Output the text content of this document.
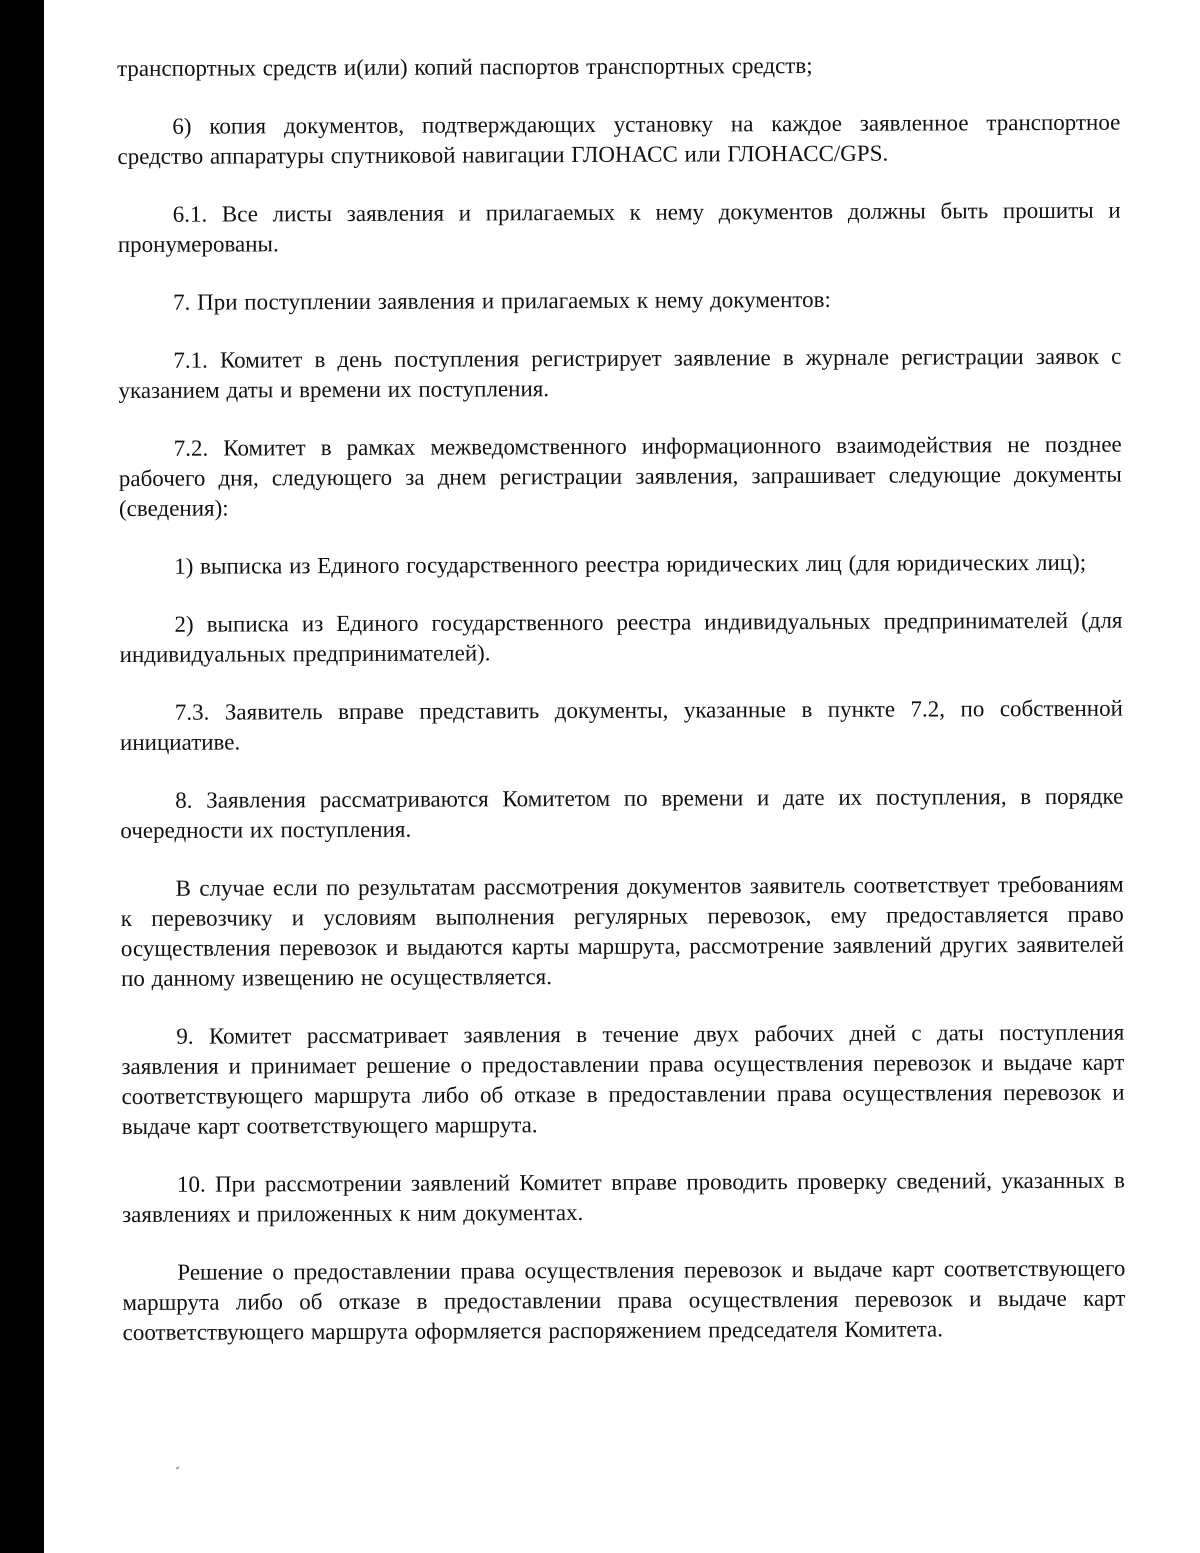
транспортных средств и(или) копий паспортов транспортных средств;

6) копия документов, подтверждающих установку на каждое заявленное транспортное средство аппаратуры спутниковой навигации ГЛОНАСС или ГЛОНАСС/GPS.

6.1. Все листы заявления и прилагаемых к нему документов должны быть прошиты и пронумерованы.

7. При поступлении заявления и прилагаемых к нему документов:

7.1. Комитет в день поступления регистрирует заявление в журнале регистрации заявок с указанием даты и времени их поступления.

7.2. Комитет в рамках межведомственного информационного взаимодействия не позднее рабочего дня, следующего за днем регистрации заявления, запрашивает следующие документы (сведения):

1) выписка из Единого государственного реестра юридических лиц (для юридических лиц);

2) выписка из Единого государственного реестра индивидуальных предпринимателей (для индивидуальных предпринимателей).

7.3. Заявитель вправе представить документы, указанные в пункте 7.2, по собственной инициативе.

8. Заявления рассматриваются Комитетом по времени и дате их поступления, в порядке очередности их поступления.

В случае если по результатам рассмотрения документов заявитель соответствует требованиям к перевозчику и условиям выполнения регулярных перевозок, ему предоставляется право осуществления перевозок и выдаются карты маршрута, рассмотрение заявлений других заявителей по данному извещению не осуществляется.

9. Комитет рассматривает заявления в течение двух рабочих дней с даты поступления заявления и принимает решение о предоставлении права осуществления перевозок и выдаче карт соответствующего маршрута либо об отказе в предоставлении права осуществления перевозок и выдаче карт соответствующего маршрута.

10. При рассмотрении заявлений Комитет вправе проводить проверку сведений, указанных в заявлениях и приложенных к ним документах.

Решение о предоставлении права осуществления перевозок и выдаче карт соответствующего маршрута либо об отказе в предоставлении права осуществления перевозок и выдаче карт соответствующего маршрута оформляется распоряжением председателя Комитета.
